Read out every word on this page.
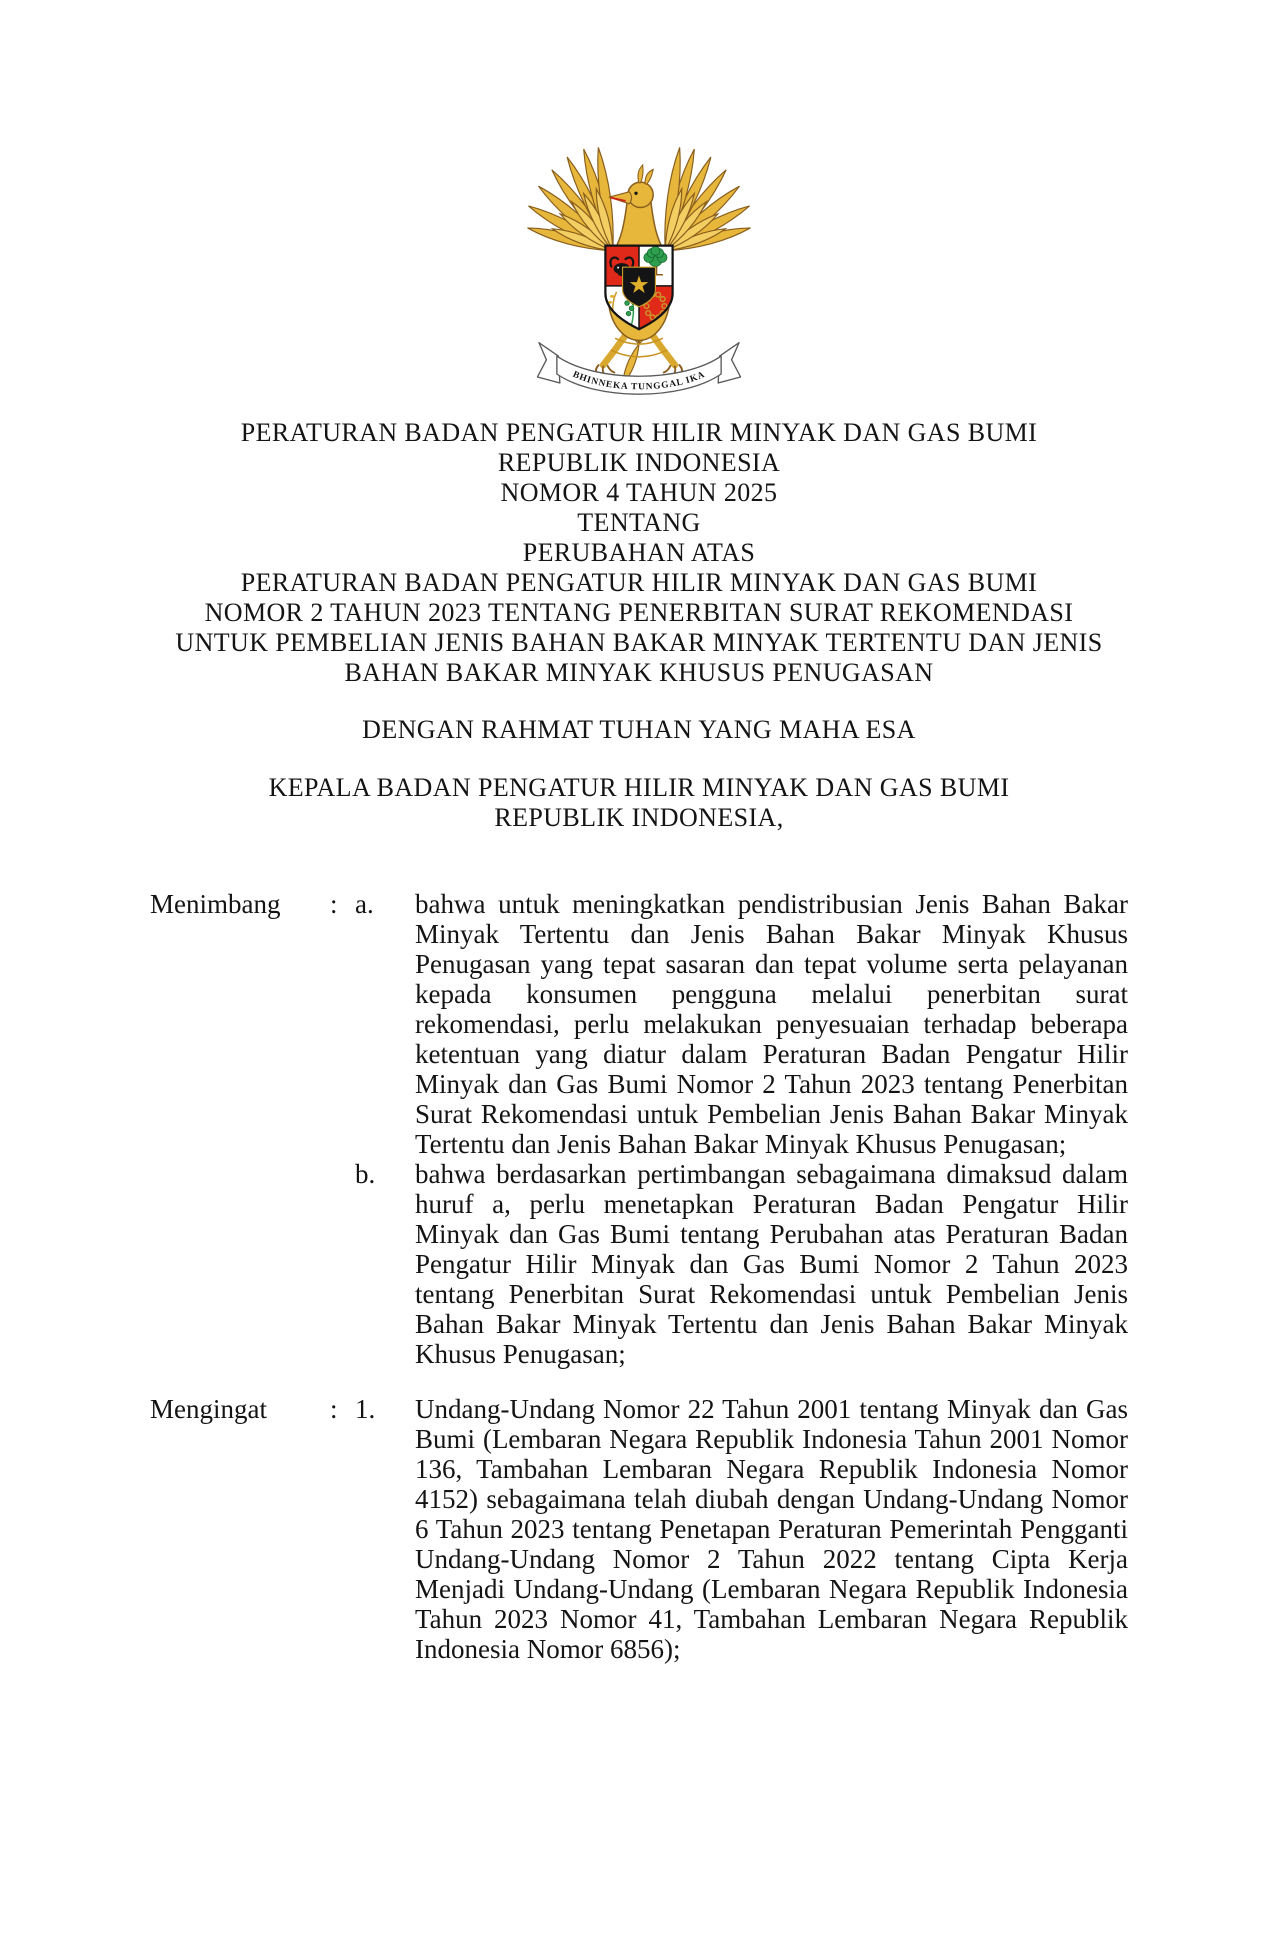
BHINNEKA TUNGGAL IKA
PERATURAN BADAN PENGATUR HILIR MINYAK DAN GAS BUMI
REPUBLIK INDONESIA
NOMOR 4 TAHUN 2025
TENTANG
PERUBAHAN ATAS
PERATURAN BADAN PENGATUR HILIR MINYAK DAN GAS BUMI
NOMOR 2 TAHUN 2023 TENTANG PENERBITAN SURAT REKOMENDASI
UNTUK PEMBELIAN JENIS BAHAN BAKAR MINYAK TERTENTU DAN JENIS
BAHAN BAKAR MINYAK KHUSUS PENUGASAN

DENGAN RAHMAT TUHAN YANG MAHA ESA

KEPALA BADAN PENGATUR HILIR MINYAK DAN GAS BUMI
REPUBLIK INDONESIA,
Menimbang	: a.	bahwa untuk meningkatkan pendistribusian Jenis Bahan Bakar Minyak Tertentu dan Jenis Bahan Bakar Minyak Khusus Penugasan yang tepat sasaran dan tepat volume serta pelayanan kepada konsumen pengguna melalui penerbitan surat rekomendasi, perlu melakukan penyesuaian terhadap beberapa ketentuan yang diatur dalam Peraturan Badan Pengatur Hilir Minyak dan Gas Bumi Nomor 2 Tahun 2023 tentang Penerbitan Surat Rekomendasi untuk Pembelian Jenis Bahan Bakar Minyak Tertentu dan Jenis Bahan Bakar Minyak Khusus Penugasan;
b.	bahwa berdasarkan pertimbangan sebagaimana dimaksud dalam huruf a, perlu menetapkan Peraturan Badan Pengatur Hilir Minyak dan Gas Bumi tentang Perubahan atas Peraturan Badan Pengatur Hilir Minyak dan Gas Bumi Nomor 2 Tahun 2023 tentang Penerbitan Surat Rekomendasi untuk Pembelian Jenis Bahan Bakar Minyak Tertentu dan Jenis Bahan Bakar Minyak Khusus Penugasan;
Mengingat	: 1.	Undang-Undang Nomor 22 Tahun 2001 tentang Minyak dan Gas Bumi (Lembaran Negara Republik Indonesia Tahun 2001 Nomor 136, Tambahan Lembaran Negara Republik Indonesia Nomor 4152) sebagaimana telah diubah dengan Undang-Undang Nomor 6 Tahun 2023 tentang Penetapan Peraturan Pemerintah Pengganti Undang-Undang Nomor 2 Tahun 2022 tentang Cipta Kerja Menjadi Undang-Undang (Lembaran Negara Republik Indonesia Tahun 2023 Nomor 41, Tambahan Lembaran Negara Republik Indonesia Nomor 6856);
